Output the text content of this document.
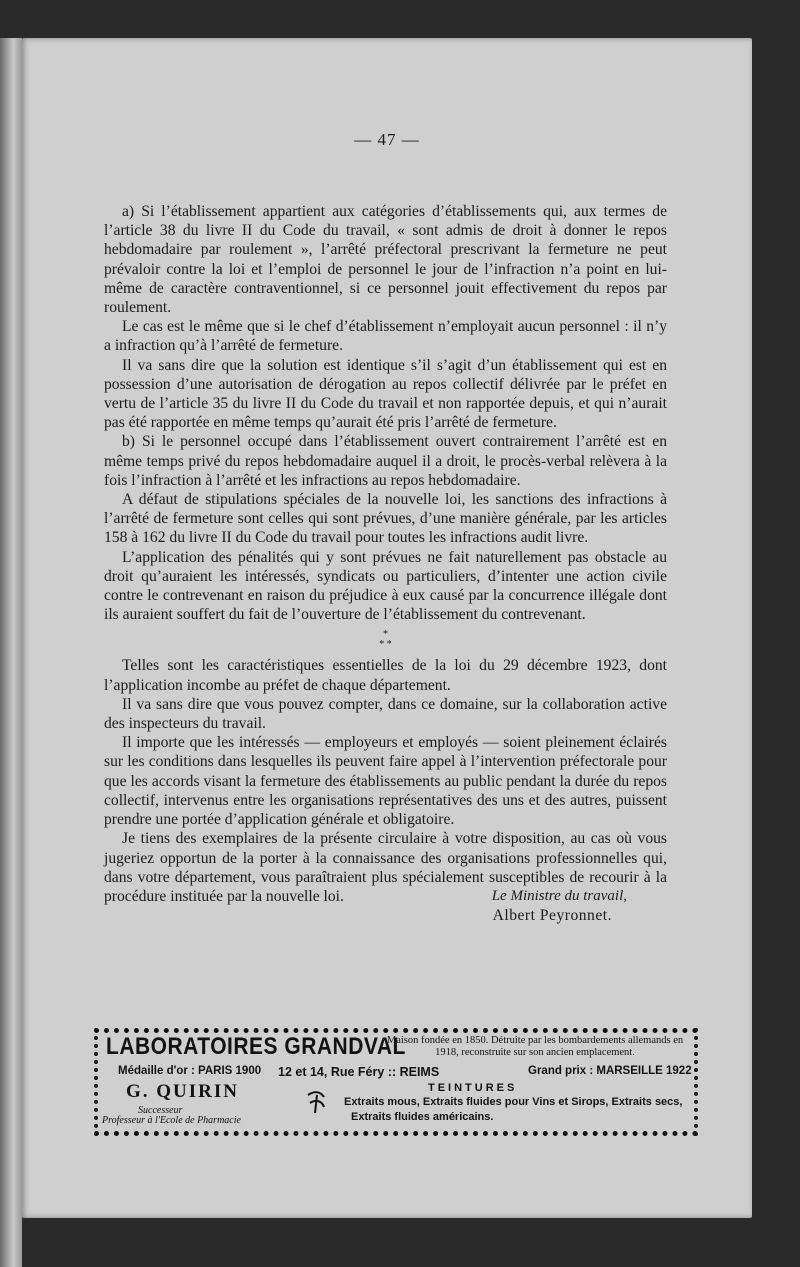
— 47 —

a) Si l’établissement appartient aux catégories d’établissements qui, aux termes de l’article 38 du livre II du Code du travail, « sont admis de droit à donner le repos hebdomadaire par roulement », l’arrêté préfectoral prescrivant la fermeture ne peut prévaloir contre la loi et l’emploi de personnel le jour de l’infraction n’a point en lui-même de caractère contraventionnel, si ce personnel jouit effectivement du repos par roulement.

Le cas est le même que si le chef d’établissement n’employait aucun personnel : il n’y a infraction qu’à l’arrêté de fermeture.

Il va sans dire que la solution est identique s’il s’agit d’un établissement qui est en possession d’une autorisation de dérogation au repos collectif délivrée par le préfet en vertu de l’article 35 du livre II du Code du travail et non rapportée depuis, et qui n’aurait pas été rapportée en même temps qu’aurait été pris l’arrêté de fermeture.

b) Si le personnel occupé dans l’établissement ouvert contrairement l’arrêté est en même temps privé du repos hebdomadaire auquel il a droit, le procès-verbal relèvera à la fois l’infraction à l’arrêté et les infractions au repos hebdomadaire.

A défaut de stipulations spéciales de la nouvelle loi, les sanctions des infractions à l’arrêté de fermeture sont celles qui sont prévues, d’une manière générale, par les articles 158 à 162 du livre II du Code du travail pour toutes les infractions audit livre.

L’application des pénalités qui y sont prévues ne fait naturellement pas obstacle au droit qu’auraient les intéressés, syndicats ou particuliers, d’intenter une action civile contre le contrevenant en raison du préjudice à eux causé par la concurrence illégale dont ils auraient souffert du fait de l’ouverture de l’établissement du contrevenant.

*
* *

Telles sont les caractéristiques essentielles de la loi du 29 décembre 1923, dont l’application incombe au préfet de chaque département.

Il va sans dire que vous pouvez compter, dans ce domaine, sur la collaboration active des inspecteurs du travail.

Il importe que les intéressés — employeurs et employés — soient pleinement éclairés sur les conditions dans lesquelles ils peuvent faire appel à l’intervention préfectorale pour que les accords visant la fermeture des établissements au public pendant la durée du repos collectif, intervenus entre les organisations représentatives des uns et des autres, puissent prendre une portée d’application générale et obligatoire.

Je tiens des exemplaires de la présente circulaire à votre disposition, au cas où vous jugeriez opportun de la porter à la connaissance des organisations professionnelles qui, dans votre département, vous paraîtraient plus spécialement susceptibles de recourir à la procédure instituée par la nouvelle loi.	Le Ministre du travail,
Albert Peyronnet.
LABORATOIRES GRANDVAL
Maison fondée en 1850. Détruite par les bombardements allemands en 1918, reconstruite sur son ancien emplacement.
Médaille d'or : PARIS 1900 12 et 14, Rue Féry :: REIMS	Grand prix : MARSEILLE 1922
G. QUIRIN
Successeur
Professeur à l'Ecole de Pharmacie
TEINTURES
Extraits mous, Extraits fluides pour Vins et Sirops, Extraits secs,
Extraits fluides américains.
